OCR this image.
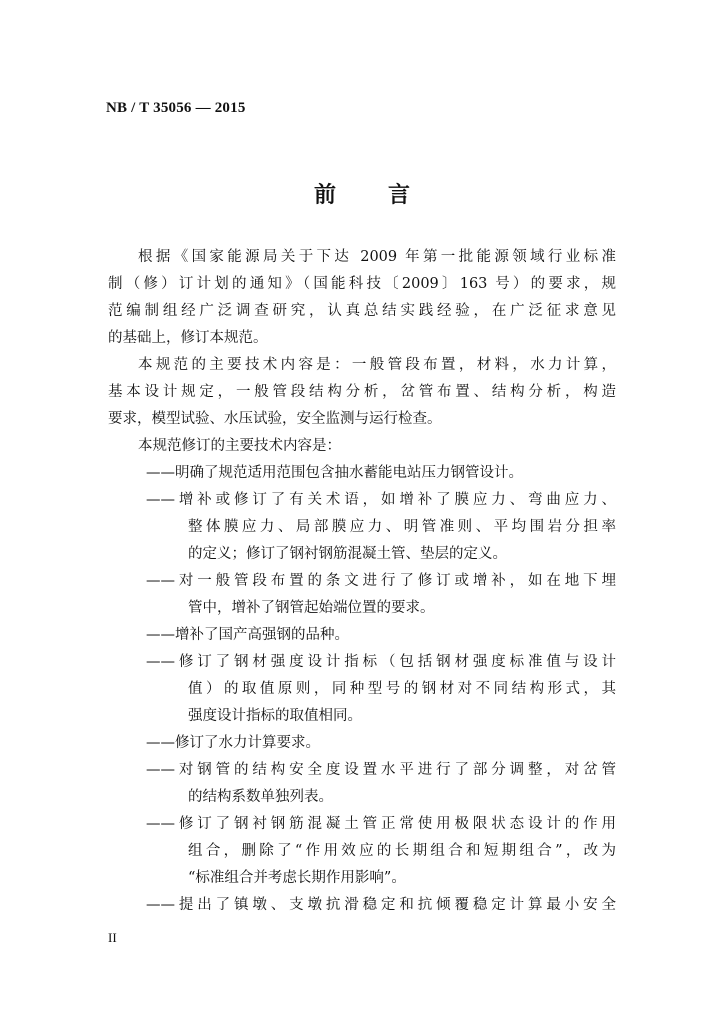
NB / T 35056 — 2015
前 言
根据《国家能源局关于下达 2009 年第一批能源领域行业标准
制（修）订计划的通知》（国能科技〔2009〕163 号）的要求，规
范编制组经广泛调查研究，认真总结实践经验，在广泛征求意见
的基础上，修订本规范。
本规范的主要技术内容是：一般管段布置，材料，水力计算，
基本设计规定，一般管段结构分析，岔管布置、结构分析，构造
要求，模型试验、水压试验，安全监测与运行检查。
本规范修订的主要技术内容是：
——明确了规范适用范围包含抽水蓄能电站压力钢管设计。
——增补或修订了有关术语，如增补了膜应力、弯曲应力、
整体膜应力、局部膜应力、明管准则、平均围岩分担率
的定义；修订了钢衬钢筋混凝土管、垫层的定义。
——对一般管段布置的条文进行了修订或增补，如在地下埋
管中，增补了钢管起始端位置的要求。
——增补了国产高强钢的品种。
——修订了钢材强度设计指标（包括钢材强度标准值与设计
值）的取值原则，同种型号的钢材对不同结构形式，其
强度设计指标的取值相同。
——修订了水力计算要求。
——对钢管的结构安全度设置水平进行了部分调整，对岔管
的结构系数单独列表。
——修订了钢衬钢筋混凝土管正常使用极限状态设计的作用
组合，删除了“作用效应的长期组合和短期组合”，改为
“标准组合并考虑长期作用影响”。
——提出了镇墩、支墩抗滑稳定和抗倾覆稳定计算最小安全
II
